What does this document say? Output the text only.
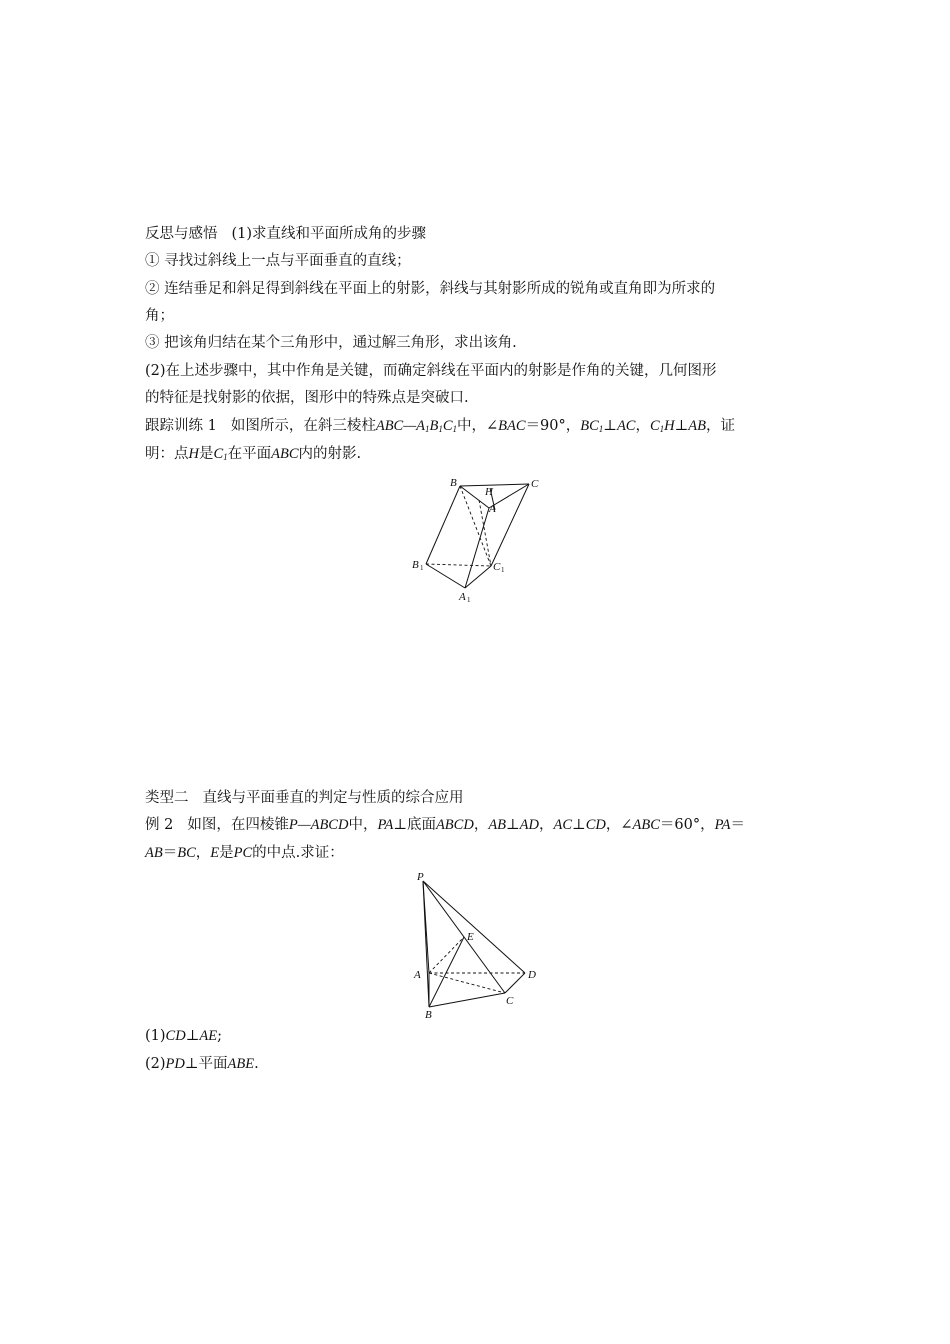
反思与感悟 (1)求直线和平面所成角的步骤
① 寻找过斜线上一点与平面垂直的直线；
② 连结垂足和斜足得到斜线在平面上的射影，斜线与其射影所成的锐角或直角即为所求的
角；
③ 把该角归结在某个三角形中，通过解三角形，求出该角.
(2)在上述步骤中，其中作角是关键，而确定斜线在平面内的射影是作角的关键，几何图形
的特征是找射影的依据，图形中的特殊点是突破口.
跟踪训练 1 如图所示，在斜三棱柱$ABC—A_1B_1C_1$中，∠BAC＝90°，$BC_1\perp AC$，$C_1H\perp AB$，证
明：点H是$C_1$在平面ABC内的射影.
B
H
C
A
B 1	C 1
A 1
类型二 直线与平面垂直的判定与性质的综合应用
例 2 如图，在四棱锥P—ABCD中，PA⊥底面ABCD，AB⊥AD，AC⊥CD，∠ABC＝60°，PA＝
AB＝BC，E是PC的中点.求证：
P
E
A	D
B
C
(1)CD⊥AE;
(2)PD⊥平面ABE.
